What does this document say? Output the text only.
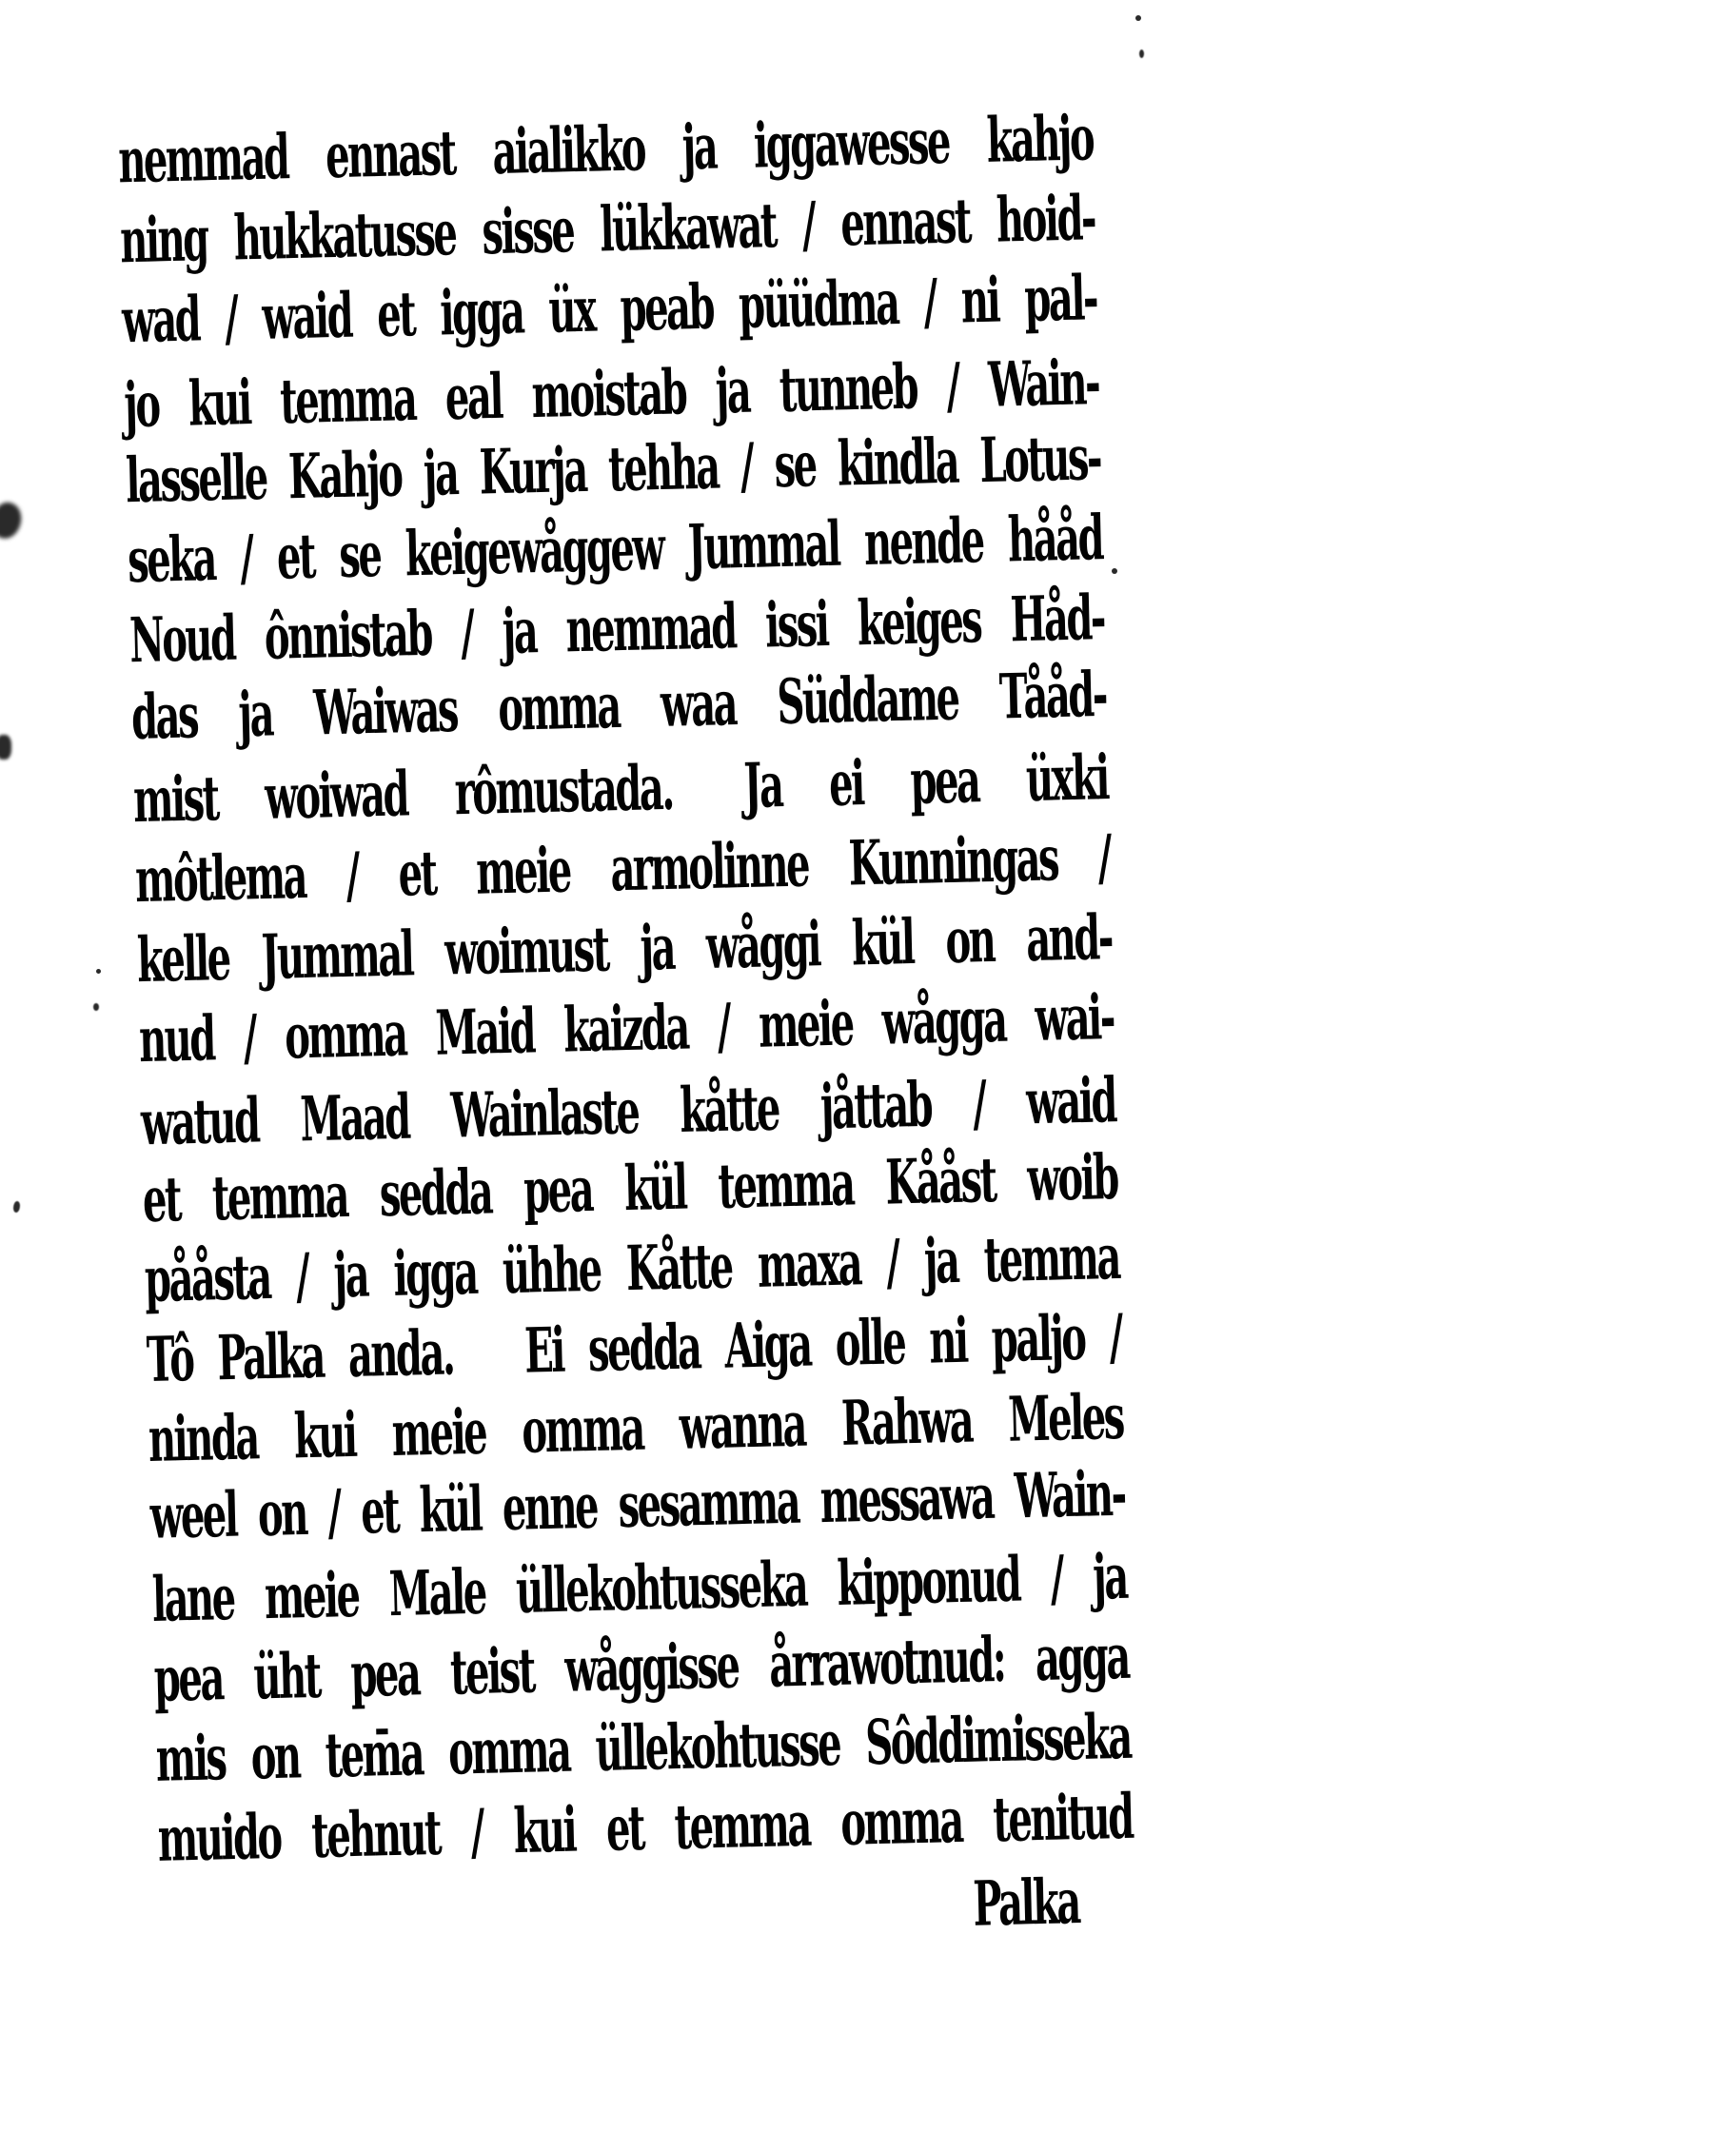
nemmad ennast aialikko ja iggawesse kahjo
ning hukkatusse sisse lükkawat / ennast hoid-
wad / waid et igga üx peab püüdma / ni pal-
jo kui temma eal moistab ja tunneb / Wain-
lasselle Kahjo ja Kurja tehha / se kindla Lotus-
seka / et se keigewåggew Jummal nende hååd
Noud ônnistab / ja nemmad issi keiges Håd-
das ja Waiwas omma waa Süddame Tååd-
mist woiwad rômustada.  Ja ei pea üxki
môtlema / et meie armolinne Kunningas /
kelle Jummal woimust ja wåggi kül on and-
nud / omma Maid kaizda / meie wågga wai-
watud Maad Wainlaste kåtte jåttab / waid
et temma sedda pea kül temma Kååst woib
pååsta / ja igga ühhe Kåtte maxa / ja temma
Tô Palka anda.  Ei sedda Aiga olle ni paljo /
ninda kui meie omma wanna Rahwa Meles
weel on / et kül enne sesamma messawa Wain-
lane meie Male üllekohtusseka kipponud / ja
pea üht pea teist wåggisse årrawotnud: agga
mis on tem̄a omma üllekohtusse Sôddimisseka
muido tehnut / kui et temma omma tenitud
Palka
